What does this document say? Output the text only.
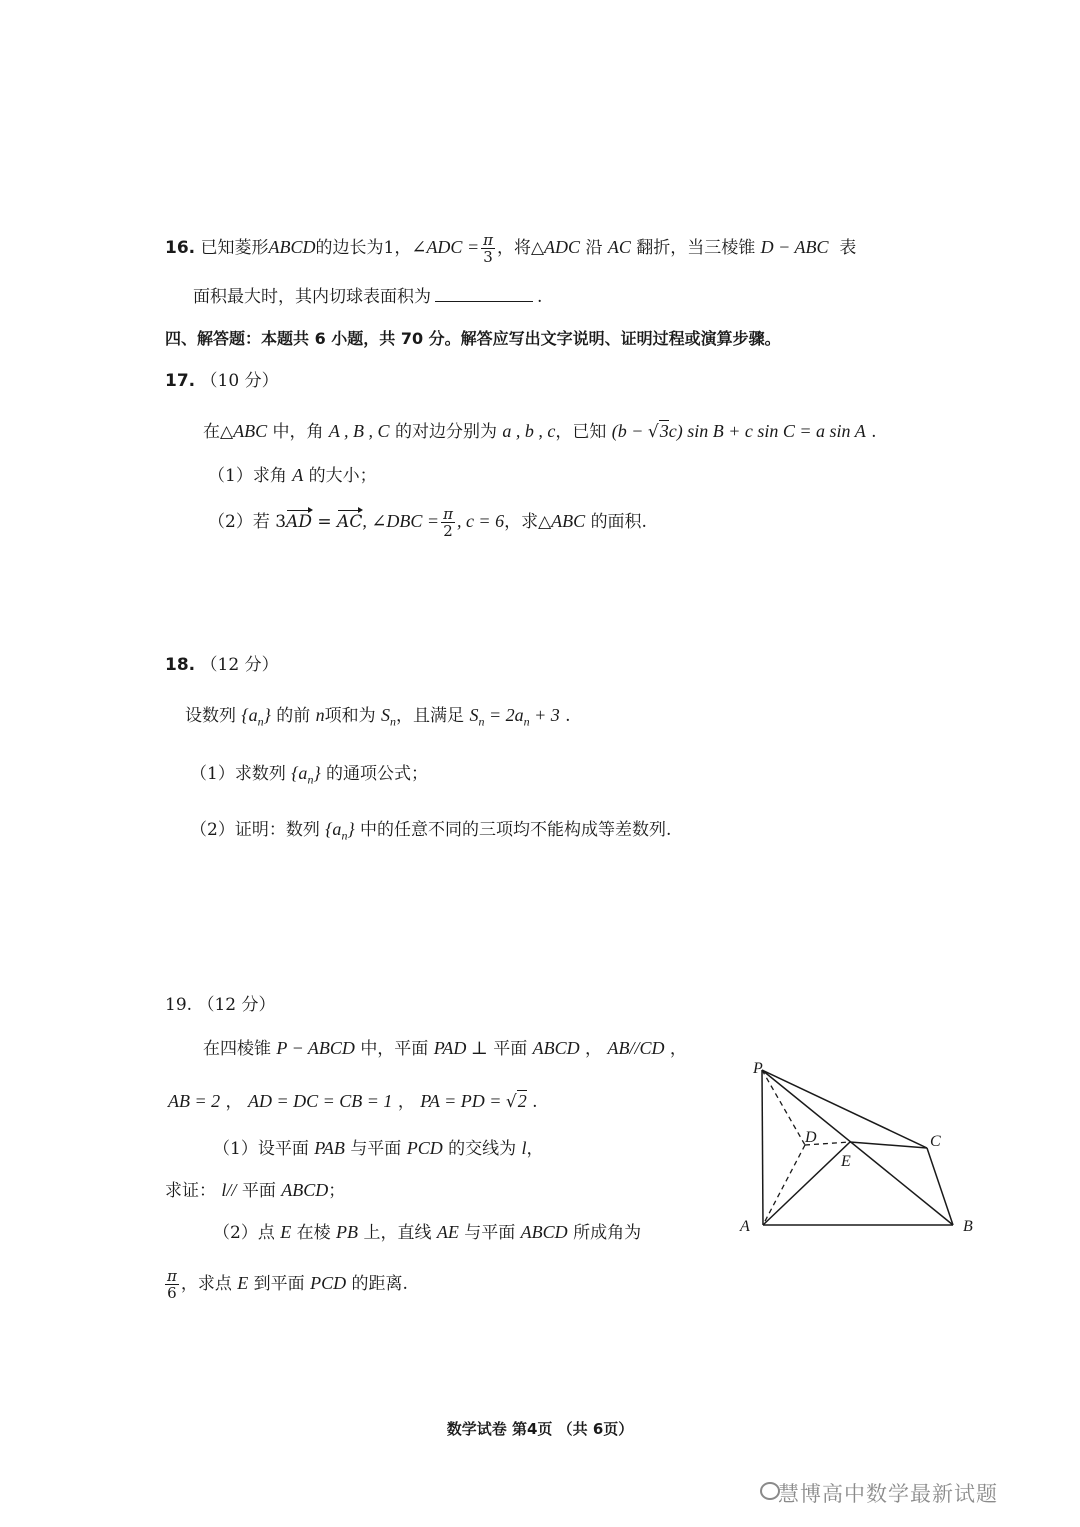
16. 已知菱形ABCD的边长为1，∠ADC = $\frac{\pi}{3}$ ，将△ADC 沿 AC 翻折，当三棱锥 D − ABC 表
面积最大时，其内切球表面积为	.
四、解答题：本题共 6 小题，共 70 分。解答应写出文字说明、证明过程或演算步骤。
17. （10 分）
在△ABC 中，角 A , B , C 的对边分别为 a , b , c，已知 (b − √3c) sin B + c sin C = a sin A .
（1）求角 A 的大小；
（2）若 3AD = AC, ∠DBC = $\frac{\pi}{2}$ , c = 6，求△ABC 的面积.
18. （12 分）
设数列 $\{a_n\}$ 的前 n项和为 $S_n$，且满足 $S_n = 2a_n + 3$ .
（1）求数列 $\{a_n\}$ 的通项公式；
（2）证明：数列 $\{a_n\}$ 中的任意不同的三项均不能构成等差数列.
19. （12 分）
在四棱锥 P − ABCD 中，平面 PAD ⊥ 平面 ABCD ， AB//CD ，
AB = 2 ， AD = DC = CB = 1 ， PA = PD = √2 .
（1）设平面 PAB 与平面 PCD 的交线为 l，
求证： l// 平面 ABCD；
（2）点 E 在棱 PB 上，直线 AE 与平面 ABCD 所成角为
$\frac{\pi}{6}$ ，求点 E 到平面 PCD 的距离.
P
D
E
C
A	B
数学试卷 第4页 （共 6页）
慧博高中数学最新试题
